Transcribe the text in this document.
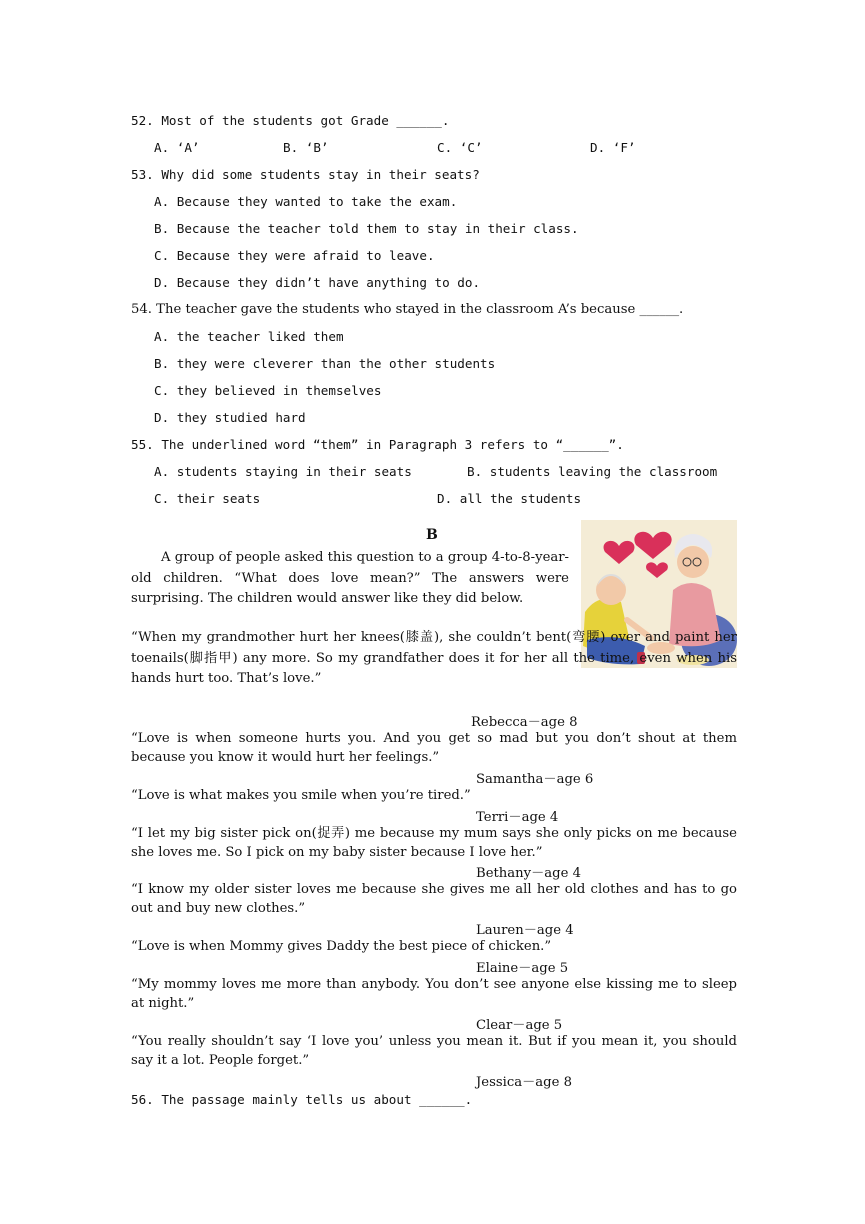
52. Most of the students got Grade ______.
A. ‘A’	B. ‘B’	C. ‘C’	D. ‘F’
53. Why did some students stay in their seats?
A. Because they wanted to take the exam.
B. Because the teacher told them to stay in their class.
C. Because they were afraid to leave.
D. Because they didn’t have anything to do.
54. The teacher gave the students who stayed in the classroom A’s because ______.
A. the teacher liked them
B. they were cleverer than the other students
C. they believed in themselves
D. they studied hard
55. The underlined word “them” in Paragraph 3 refers to “______”.
A. students staying in their seats	B. students leaving the classroom
C. their seats	D. all the students
B
A group of people asked this question to a group 4-to-8-year-old children. “What does love mean?” The answers were surprising. The children would answer like they did below.
“When my grandmother hurt her knees(膝盖), she couldn’t bent(弯腰) over and paint her toenails(脚指甲) any more. So my grandfather does it for her all the time, even when his hands hurt too. That’s love.”
Rebecca－age 8
“Love is when someone hurts you. And you get so mad but you don’t shout at them because you know it would hurt her feelings.”
Samantha－age 6
“Love is what makes you smile when you’re tired.”
Terri－age 4
“I let my big sister pick on(捉弄) me because my mum says she only picks on me because she loves me. So I pick on my baby sister because I love her.”
Bethany－age 4
“I know my older sister loves me because she gives me all her old clothes and has to go out and buy new clothes.”
Lauren－age 4
“Love is when Mommy gives Daddy the best piece of chicken.”
Elaine－age 5
“My mommy loves me more than anybody. You don’t see anyone else kissing me to sleep at night.”
Clear－age 5
“You really shouldn’t say ‘I love you’ unless you mean it. But if you mean it, you should say it a lot. People forget.”
Jessica－age 8
56. The passage mainly tells us about ______.
